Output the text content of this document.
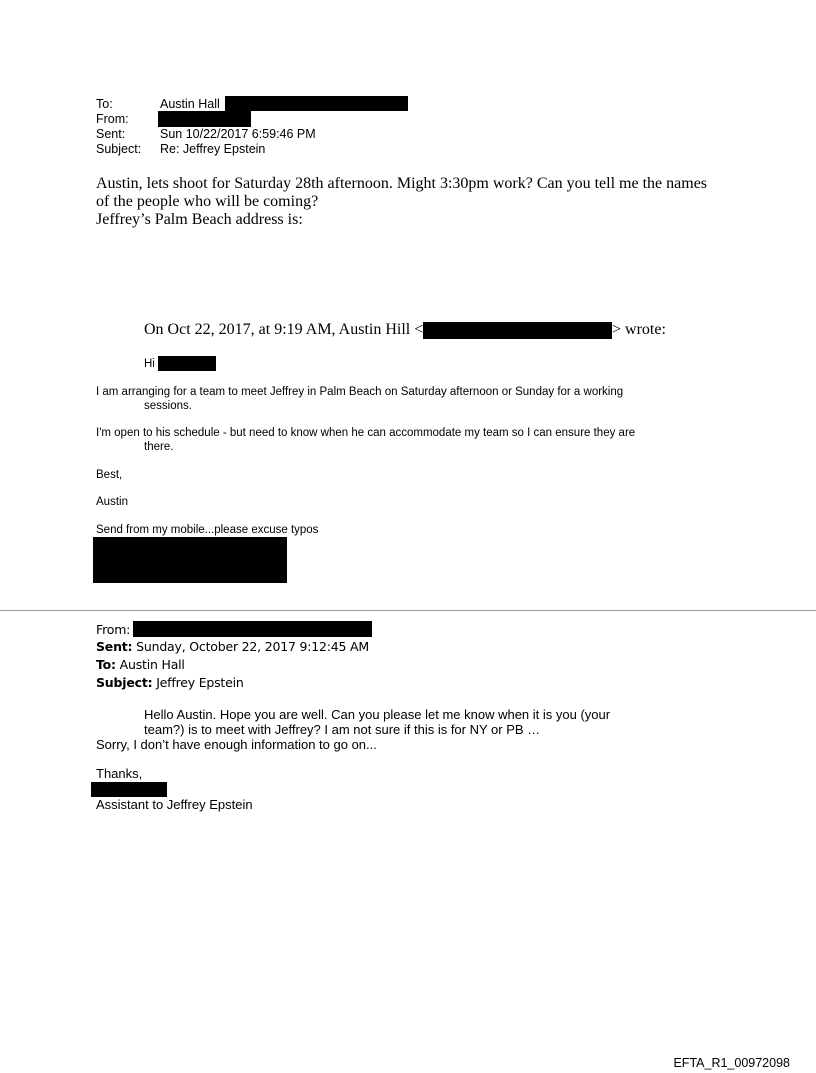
To:	Austin Hall
From:
Sent:	Sun 10/22/2017 6:59:46 PM
Subject: Re: Jeffrey Epstein
Austin, lets shoot for Saturday 28th afternoon. Might 3:30pm work? Can you tell me the names
of the people who will be coming?
Jeffrey’s Palm Beach address is:
On Oct 22, 2017, at 9:19 AM, Austin Hill <	> wrote:
Hi
I am arranging for a team to meet Jeffrey in Palm Beach on Saturday afternoon or Sunday for a working
sessions.
I'm open to his schedule - but need to know when he can accommodate my team so I can ensure they are
there.
Best,
Austin
Send from my mobile...please excuse typos
From:
Sent: Sunday, October 22, 2017 9:12:45 AM
To: Austin Hall
Subject: Jeffrey Epstein
Hello Austin. Hope you are well. Can you please let me know when it is you (your
team?) is to meet with Jeffrey? I am not sure if this is for NY or PB …
Sorry, I don’t have enough information to go on...
Thanks,
Assistant to Jeffrey Epstein
EFTA_R1_00972098
